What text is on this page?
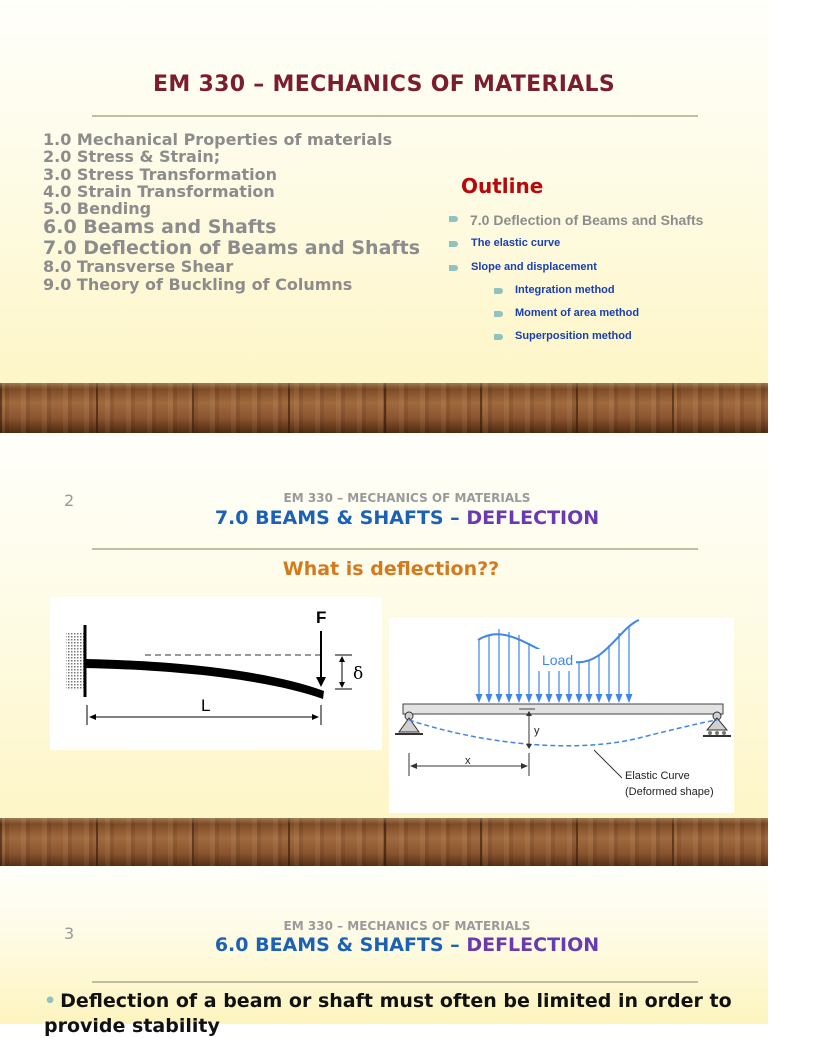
EM 330 – MECHANICS OF MATERIALS
1.0 Mechanical Properties of materials
2.0 Stress & Strain;
3.0 Stress Transformation
4.0 Strain Transformation
5.0 Bending
6.0 Beams and Shafts
7.0 Deflection of Beams and Shafts
8.0 Transverse Shear
9.0 Theory of Buckling of Columns
Outline
7.0 Deflection of Beams and Shafts
The elastic curve
Slope and displacement
Integration method
Moment of area method
Superposition method
2	EM 330 – MECHANICS OF MATERIALS
7.0 BEAMS & SHAFTS – DEFLECTION
What is deflection??
F
δ
L
Load
y
x
Elastic Curve
(Deformed shape)
3	EM 330 – MECHANICS OF MATERIALS
6.0 BEAMS & SHAFTS – DEFLECTION
• Deflection of a beam or shaft must often be limited in order to provide stability
